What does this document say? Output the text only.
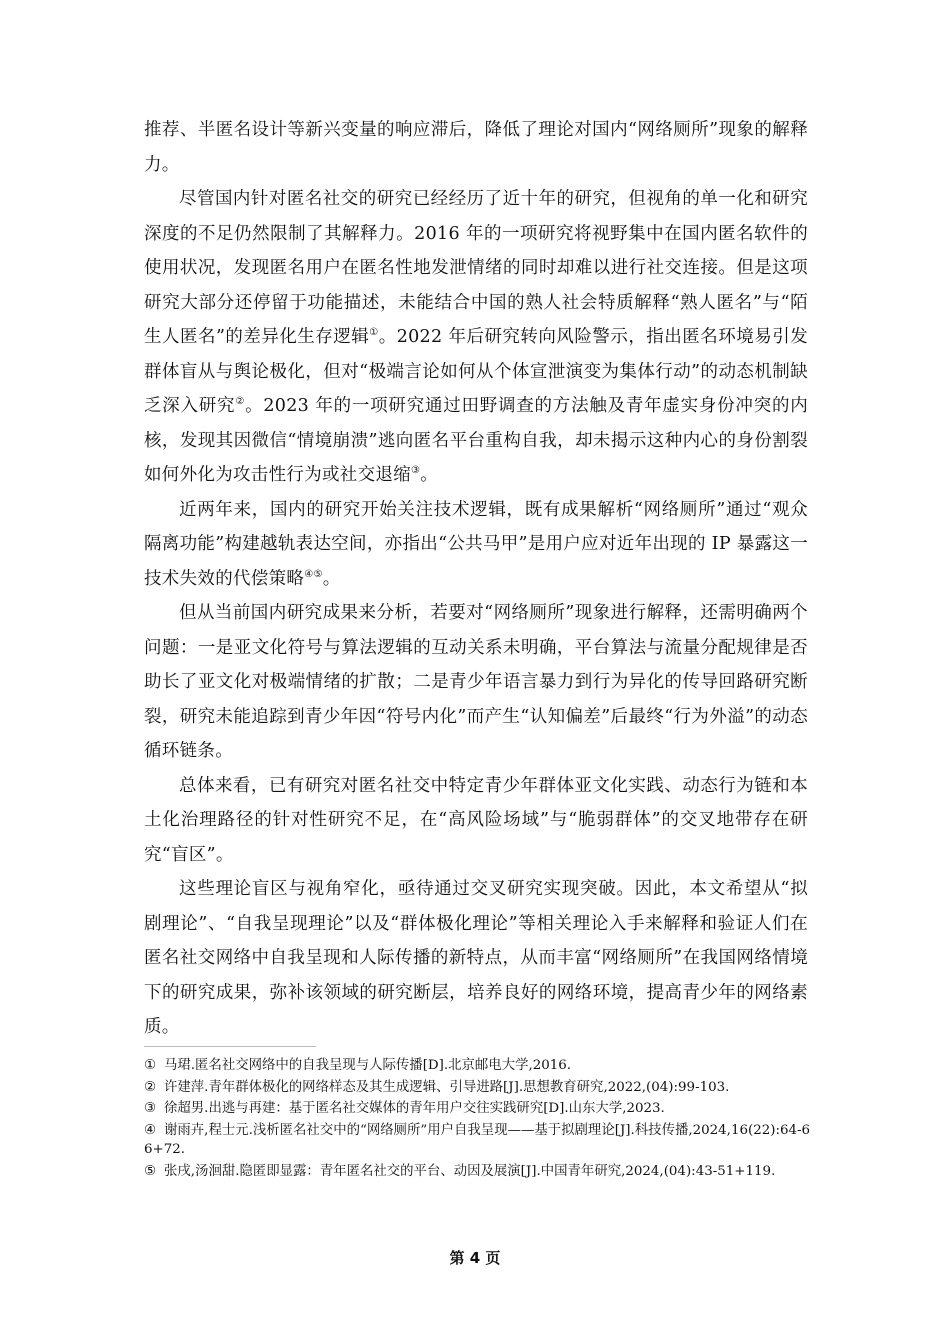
推荐、半匿名设计等新兴变量的响应滞后，降低了理论对国内“网络厕所”现象的解释力。

尽管国内针对匿名社交的研究已经经历了近十年的研究，但视角的单一化和研究深度的不足仍然限制了其解释力。2016 年的一项研究将视野集中在国内匿名软件的使用状况，发现匿名用户在匿名性地发泄情绪的同时却难以进行社交连接。但是这项研究大部分还停留于功能描述，未能结合中国的熟人社会特质解释“熟人匿名”与“陌生人匿名”的差异化生存逻辑①。2022 年后研究转向风险警示，指出匿名环境易引发群体盲从与舆论极化，但对“极端言论如何从个体宣泄演变为集体行动”的动态机制缺乏深入研究②。2023 年的一项研究通过田野调查的方法触及青年虚实身份冲突的内核，发现其因微信“情境崩溃”逃向匿名平台重构自我，却未揭示这种内心的身份割裂如何外化为攻击性行为或社交退缩③。

近两年来，国内的研究开始关注技术逻辑，既有成果解析“网络厕所”通过“观众隔离功能”构建越轨表达空间，亦指出“公共马甲”是用户应对近年出现的 IP 暴露这一技术失效的代偿策略④⑤。

但从当前国内研究成果来分析，若要对“网络厕所”现象进行解释，还需明确两个问题：一是亚文化符号与算法逻辑的互动关系未明确，平台算法与流量分配规律是否助长了亚文化对极端情绪的扩散；二是青少年语言暴力到行为异化的传导回路研究断裂，研究未能追踪到青少年因“符号内化”而产生“认知偏差”后最终“行为外溢”的动态循环链条。

总体来看，已有研究对匿名社交中特定青少年群体亚文化实践、动态行为链和本土化治理路径的针对性研究不足，在“高风险场域”与“脆弱群体”的交叉地带存在研究“盲区”。

这些理论盲区与视角窄化，亟待通过交叉研究实现突破。因此，本文希望从“拟剧理论”、“自我呈现理论”以及“群体极化理论”等相关理论入手来解释和验证人们在匿名社交网络中自我呈现和人际传播的新特点，从而丰富“网络厕所”在我国网络情境下的研究成果，弥补该领域的研究断层，培养良好的网络环境，提高青少年的网络素质。

① 马珺.匿名社交网络中的自我呈现与人际传播[D].北京邮电大学,2016.

② 许建萍.青年群体极化的网络样态及其生成逻辑、引导进路[J].思想教育研究,2022,(04):99-103.

③ 徐超男.出逃与再建：基于匿名社交媒体的青年用户交往实践研究[D].山东大学,2023.

④ 谢雨卉,程士元.浅析匿名社交中的“网络厕所”用户自我呈现——基于拟剧理论[J].科技传播,2024,16(22):64-66+72.

⑤ 张戌,汤洄甜.隐匿即显露：青年匿名社交的平台、动因及展演[J].中国青年研究,2024,(04):43-51+119.

第 4 页
